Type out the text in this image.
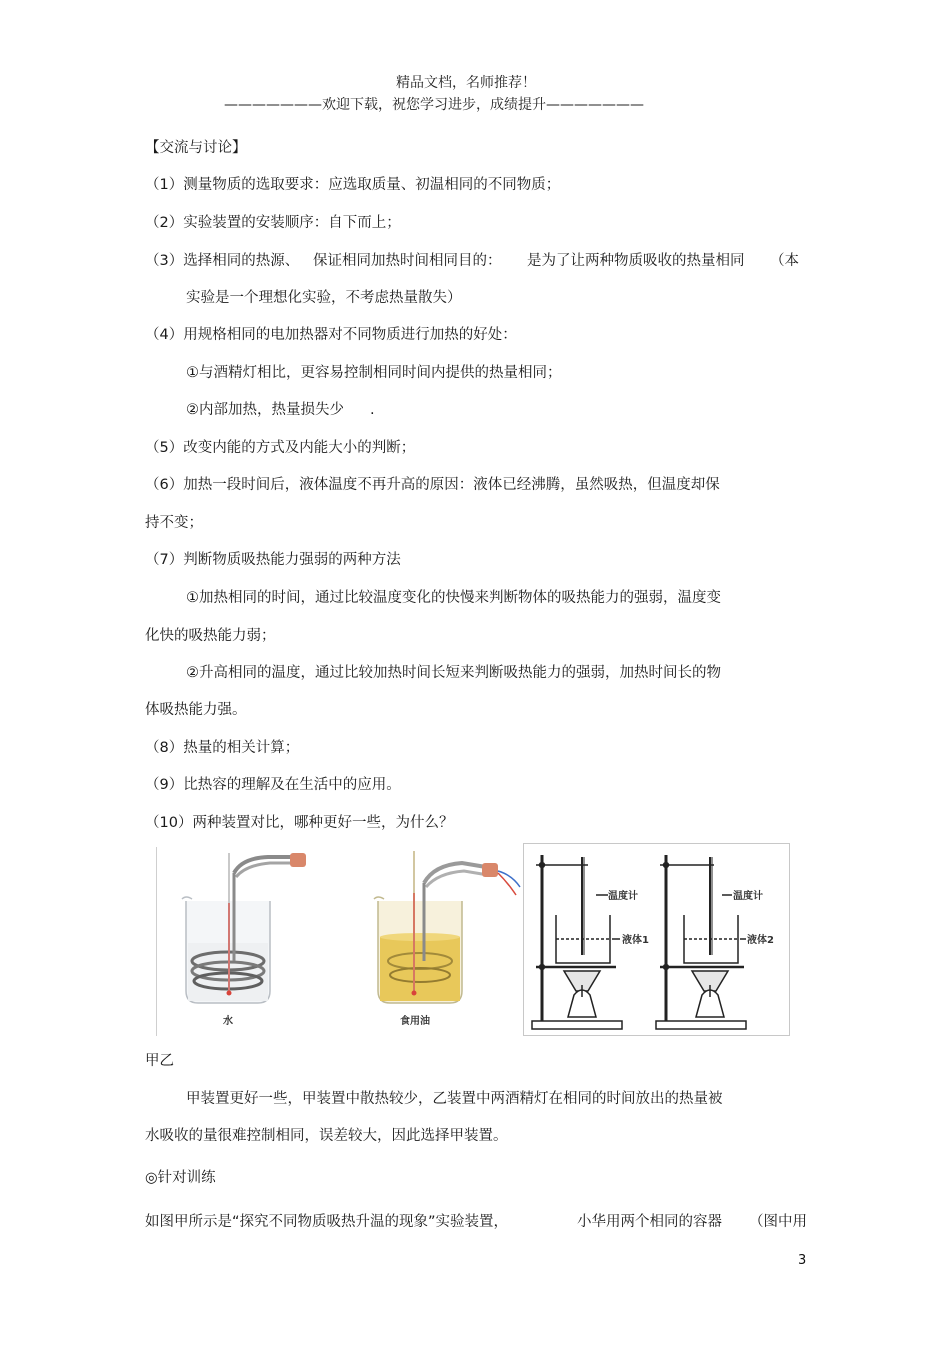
精品文档，名师推荐！
———————欢迎下载，祝您学习进步，成绩提升———————
【交流与讨论】
（1）测量物质的选取要求：应选取质量、初温相同的不同物质；
（2）实验装置的安装顺序：自下而上；
（3）选择相同的热源、 保证相同加热时间相同目的： 是为了让两种物质吸收的热量相同 （本
实验是一个理想化实验，不考虑热量散失）
（4）用规格相同的电加热器对不同物质进行加热的好处：
①与酒精灯相比，更容易控制相同时间内提供的热量相同；
②内部加热，热量损失少 .
（5）改变内能的方式及内能大小的判断；
（6）加热一段时间后，液体温度不再升高的原因：液体已经沸腾，虽然吸热，但温度却保
持不变；
（7）判断物质吸热能力强弱的两种方法
①加热相同的时间，通过比较温度变化的快慢来判断物体的吸热能力的强弱，温度变
化快的吸热能力弱；
②升高相同的温度，通过比较加热时间长短来判断吸热能力的强弱，加热时间长的物
体吸热能力强。
（8）热量的相关计算；
（9）比热容的理解及在生活中的应用。
（10）两种装置对比，哪种更好一些，为什么？
水	食用油
温度计
液体1
温度计
液体2
甲乙
甲装置更好一些，甲装置中散热较少，乙装置中两酒精灯在相同的时间放出的热量被
水吸收的量很难控制相同，误差较大，因此选择甲装置。
◎针对训练
如图甲所示是“探究不同物质吸热升温的现象”实验装置，	小华用两个相同的容器 （图中用
3
